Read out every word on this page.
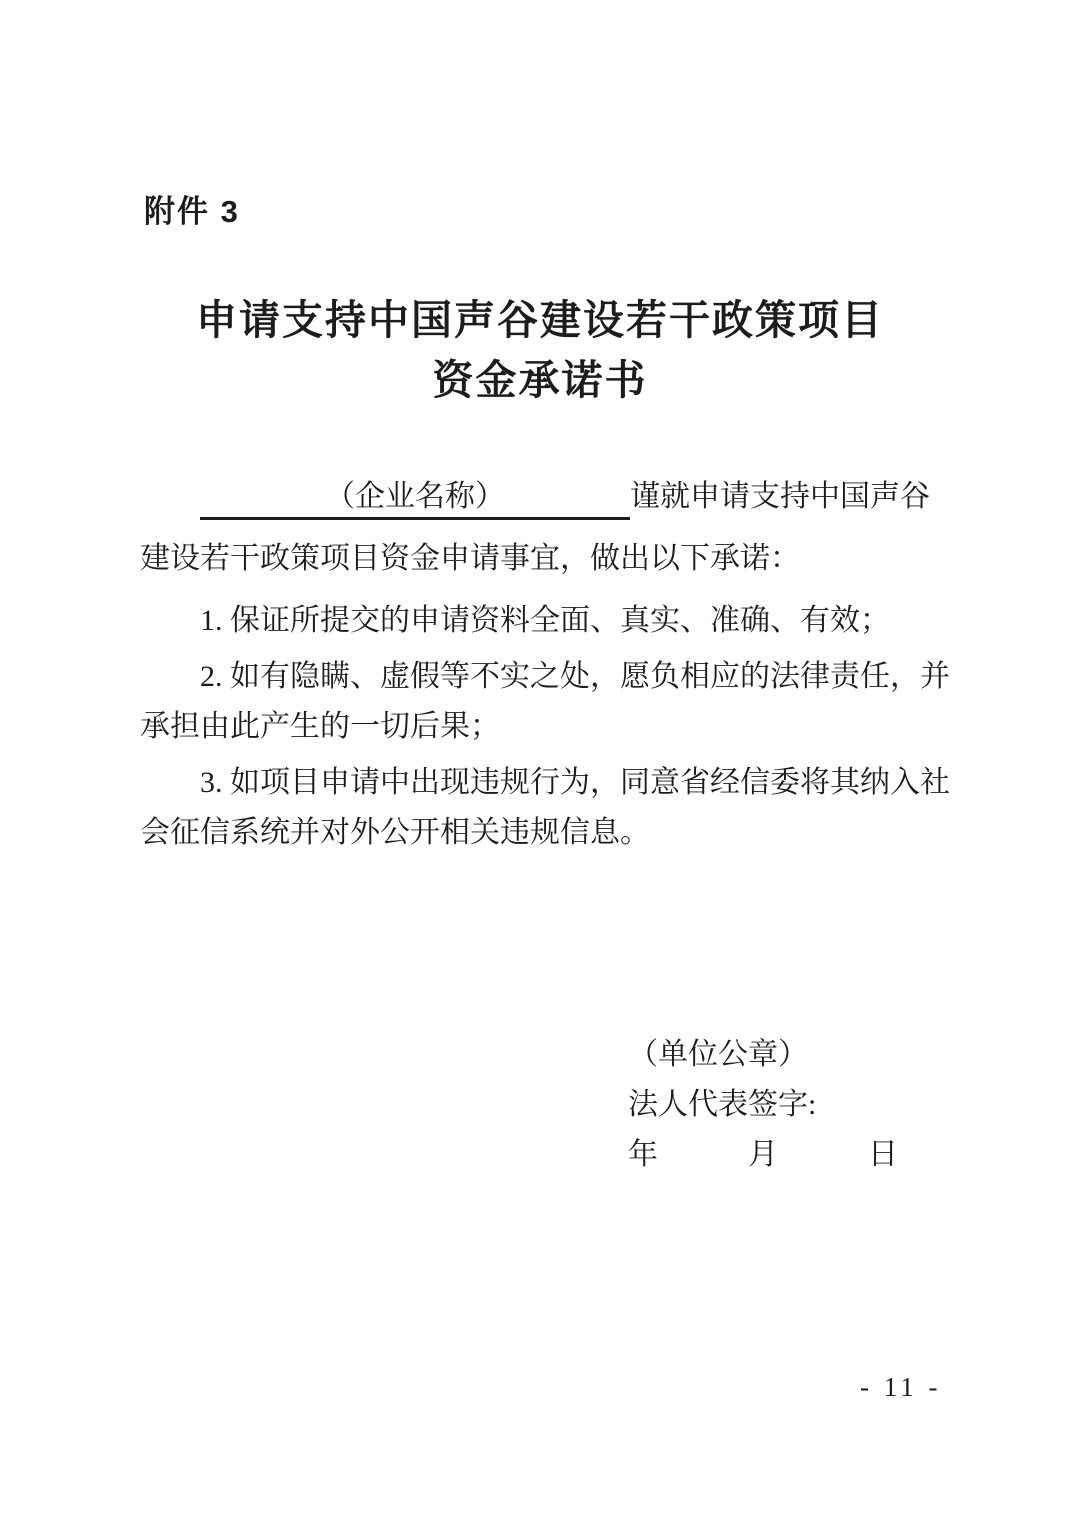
附件 3
申请支持中国声谷建设若干政策项目
资金承诺书
（企业名称）	谨就申请支持中国声谷
建设若干政策项目资金申请事宜，做出以下承诺：
1. 保证所提交的申请资料全面、真实、准确、有效；
2. 如有隐瞒、虚假等不实之处，愿负相应的法律责任，并
承担由此产生的一切后果；
3. 如项目申请中出现违规行为，同意省经信委将其纳入社
会征信系统并对外公开相关违规信息。
（单位公章）
法人代表签字:
年　　　月　　　日
- 11 -
